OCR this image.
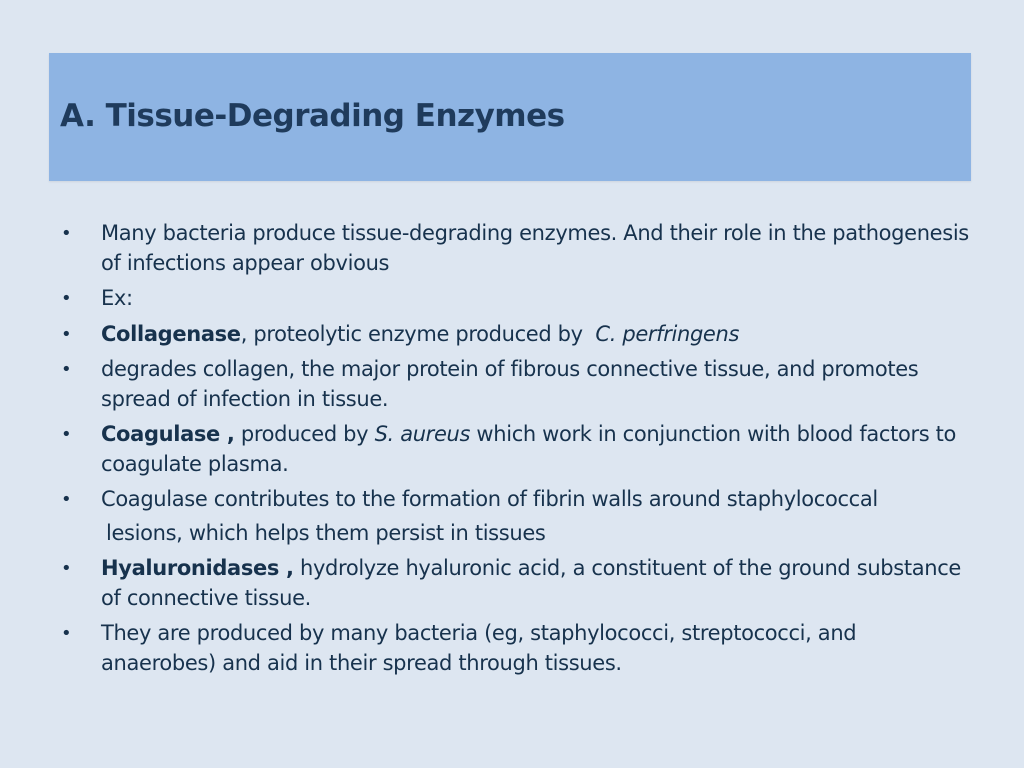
A. Tissue-Degrading Enzymes
• Many bacteria produce tissue-degrading enzymes. And their role in the pathogenesis of infections appear obvious
• Ex:
• Collagenase, proteolytic enzyme produced by  C. perfringens
• degrades collagen, the major protein of fibrous connective tissue, and promotes spread of infection in tissue.
• Coagulase , produced by S. aureus which work in conjunction with blood factors to coagulate plasma.
• Coagulase contributes to the formation of fibrin walls around staphylococcal
lesions, which helps them persist in tissues
• Hyaluronidases , hydrolyze hyaluronic acid, a constituent of the ground substance of connective tissue.
• They are produced by many bacteria (eg, staphylococci, streptococci, and anaerobes) and aid in their spread through tissues.
